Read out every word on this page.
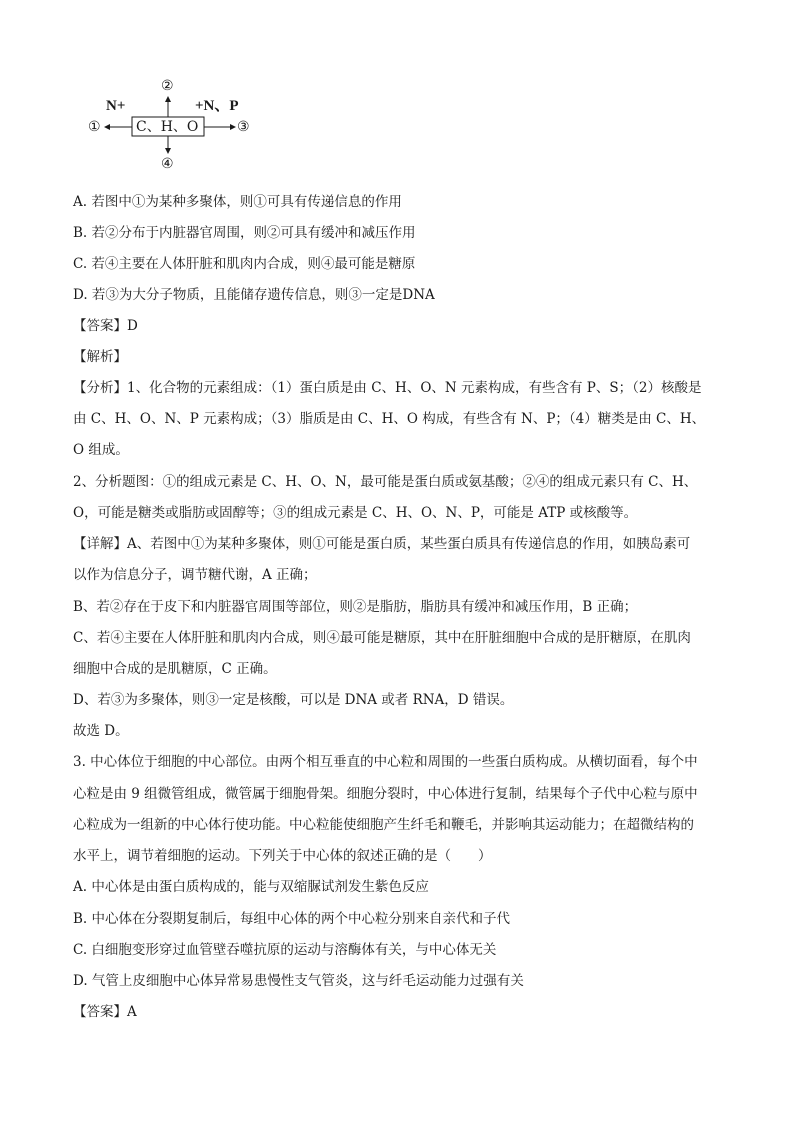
C、H、O
②
④
①	③
N+	+N、P
A. 若图中①为某种多聚体，则①可具有传递信息的作用
B. 若②分布于内脏器官周围，则②可具有缓冲和减压作用
C. 若④主要在人体肝脏和肌肉内合成，则④最可能是糖原
D. 若③为大分子物质，且能储存遗传信息，则③一定是DNA
【答案】D
【解析】
【分析】1、化合物的元素组成：（1）蛋白质是由 C、H、O、N 元素构成，有些含有 P、S；（2）核酸是
由 C、H、O、N、P 元素构成；（3）脂质是由 C、H、O 构成，有些含有 N、P；（4）糖类是由 C、H、
O 组成。
2、分析题图：①的组成元素是 C、H、O、N，最可能是蛋白质或氨基酸；②④的组成元素只有 C、H、
O，可能是糖类或脂肪或固醇等；③的组成元素是 C、H、O、N、P，可能是 ATP 或核酸等。
【详解】A、若图中①为某种多聚体，则①可能是蛋白质，某些蛋白质具有传递信息的作用，如胰岛素可
以作为信息分子，调节糖代谢，A 正确；
B、若②存在于皮下和内脏器官周围等部位，则②是脂肪，脂肪具有缓冲和减压作用，B 正确；
C、若④主要在人体肝脏和肌肉内合成，则④最可能是糖原，其中在肝脏细胞中合成的是肝糖原，在肌肉
细胞中合成的是肌糖原，C 正确。
D、若③为多聚体，则③一定是核酸，可以是 DNA 或者 RNA，D 错误。
故选 D。
3. 中心体位于细胞的中心部位。由两个相互垂直的中心粒和周围的一些蛋白质构成。从横切面看，每个中
心粒是由 9 组微管组成，微管属于细胞骨架。细胞分裂时，中心体进行复制，结果每个子代中心粒与原中
心粒成为一组新的中心体行使功能。中心粒能使细胞产生纤毛和鞭毛，并影响其运动能力；在超微结构的
水平上，调节着细胞的运动。下列关于中心体的叙述正确的是（　　）
A. 中心体是由蛋白质构成的，能与双缩脲试剂发生紫色反应
B. 中心体在分裂期复制后，每组中心体的两个中心粒分别来自亲代和子代
C. 白细胞变形穿过血管壁吞噬抗原的运动与溶酶体有关，与中心体无关
D. 气管上皮细胞中心体异常易患慢性支气管炎，这与纤毛运动能力过强有关
【答案】A
